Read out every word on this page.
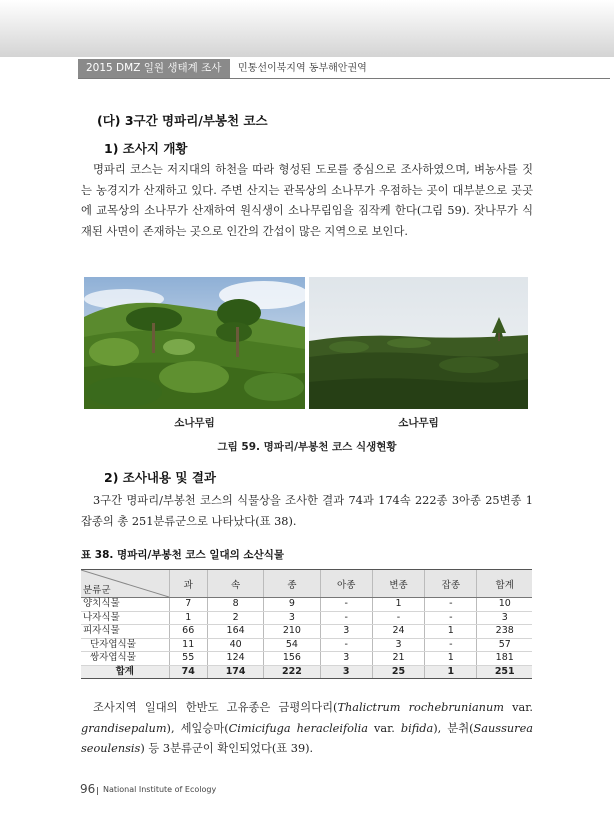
2015 DMZ 일원 생태계 조사	민통선이북지역 동부해안권역
(다) 3구간 명파리/부봉천 코스
1) 조사지 개황
명파리 코스는 저지대의 하천을 따라 형성된 도로를 중심으로 조사하였으며, 벼농사를 짓는 농경지가 산재하고 있다. 주변 산지는 관목상의 소나무가 우점하는 곳이 대부분으로 곳곳에 교목상의 소나무가 산재하여 원식생이 소나무림임을 짐작케 한다(그림 59). 잣나무가 식재된 사면이 존재하는 곳으로 인간의 간섭이 많은 지역으로 보인다.
소나무림	소나무림
그림 59. 명파리/부봉천 코스 식생현황
2) 조사내용 및 결과
3구간 명파리/부봉천 코스의 식물상을 조사한 결과 74과 174속 222종 3아종 25변종 1잡종의 총 251분류군으로 나타났다(표 38).
표 38. 명파리/부봉천 코스 일대의 소산식물
분류군	과	속	종	아종	변종	잡종	합계
양치식물	7	8	9	-	1	-	10
나자식물	1	2	3	-	-	-	3
피자식물	66	164	210	3	24	1	238
단자엽식물	11	40	54	-	3	-	57
쌍자엽식물	55	124	156	3	21	1	181
합계	74	174	222	3	25	1	251
조사지역 일대의 한반도 고유종은 금평의다리(Thalictrum rochebrunianum var. grandisepalum), 세잎승마(Cimicifuga heracleifolia var. bifida), 분취(Saussurea seoulensis) 등 3분류군이 확인되었다(표 39).
96 National Institute of Ecology
